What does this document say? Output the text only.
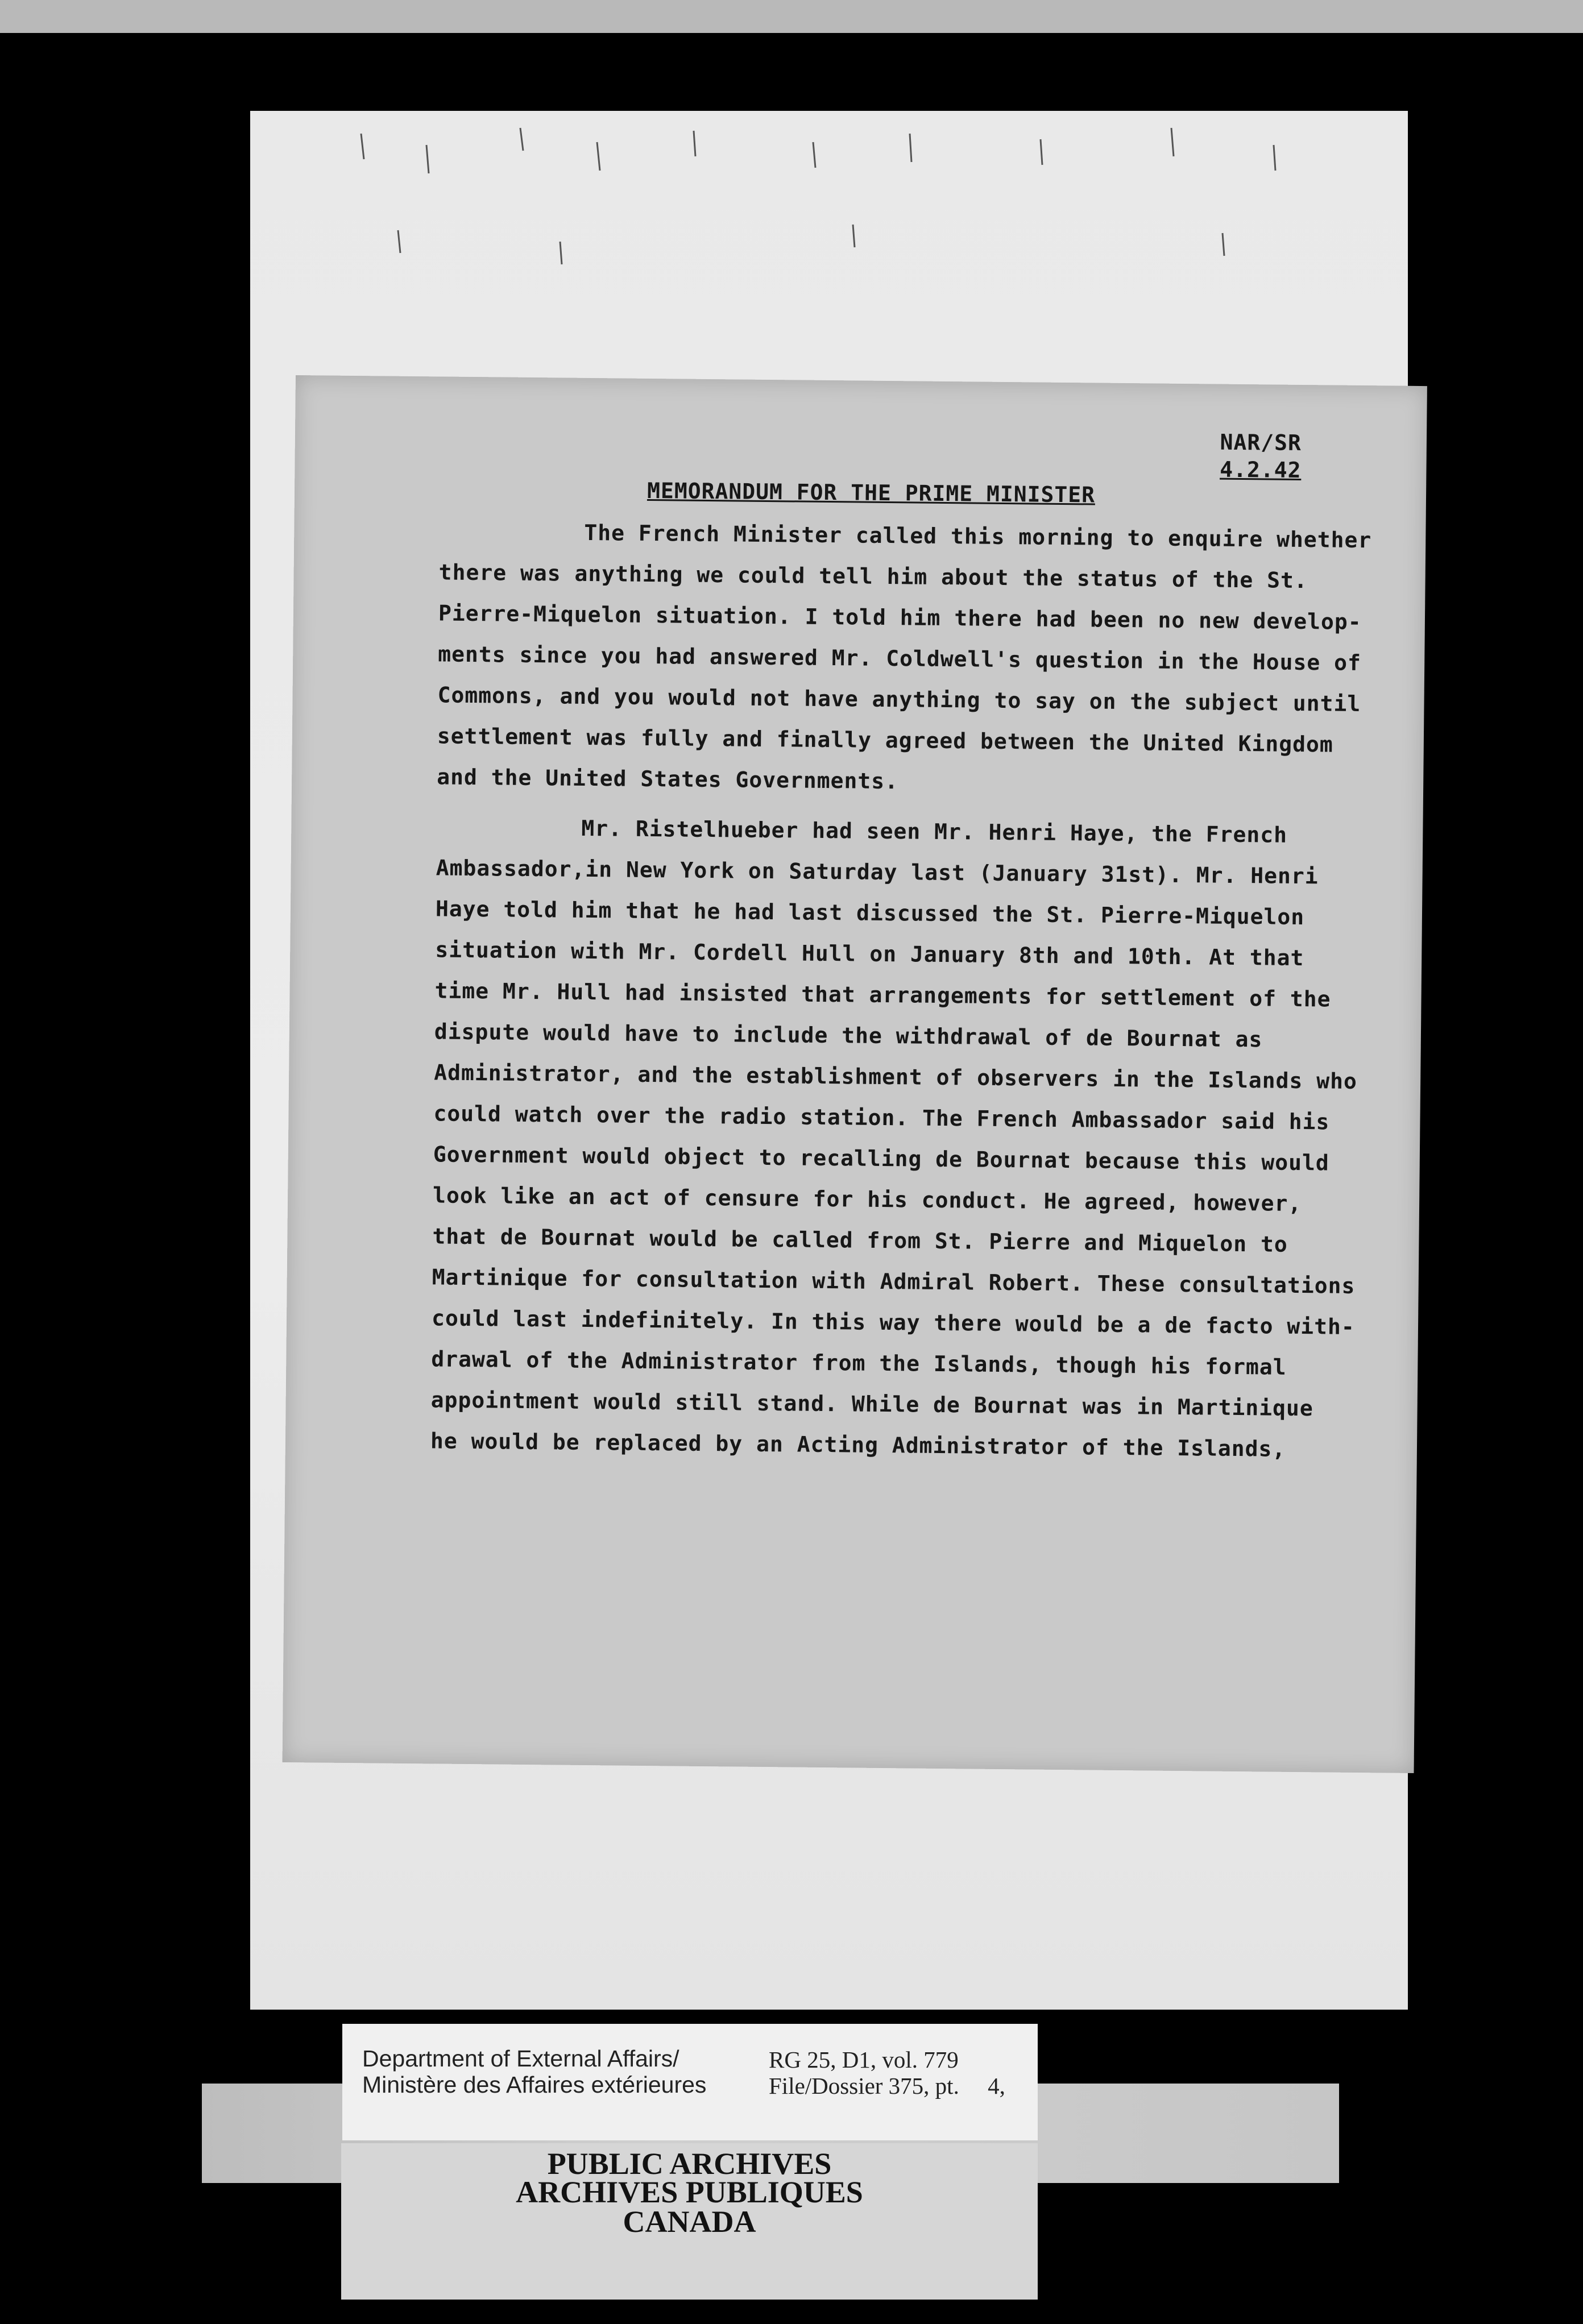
NAR/SR
4.2.42
MEMORANDUM FOR THE PRIME MINISTER
The French Minister called this morning to enquire whether
there was anything we could tell him about the status of the St.
Pierre-Miquelon situation. I told him there had been no new develop-
ments since you had answered Mr. Coldwell's question in the House of
Commons, and you would not have anything to say on the subject until
settlement was fully and finally agreed between the United Kingdom
and the United States Governments.
Mr. Ristelhueber had seen Mr. Henri Haye, the French
Ambassador,in New York on Saturday last (January 31st). Mr. Henri
Haye told him that he had last discussed the St. Pierre-Miquelon
situation with Mr. Cordell Hull on January 8th and 10th. At that
time Mr. Hull had insisted that arrangements for settlement of the
dispute would have to include the withdrawal of de Bournat as
Administrator, and the establishment of observers in the Islands who
could watch over the radio station. The French Ambassador said his
Government would object to recalling de Bournat because this would
look like an act of censure for his conduct. He agreed, however,
that de Bournat would be called from St. Pierre and Miquelon to
Martinique for consultation with Admiral Robert. These consultations
could last indefinitely. In this way there would be a de facto with-
drawal of the Administrator from the Islands, though his formal
appointment would still stand. While de Bournat was in Martinique
he would be replaced by an Acting Administrator of the Islands,
Department of External Affairs/
Ministère des Affaires extérieures
RG 25, D1, vol. 779
File/Dossier 375, pt. 4,
PUBLIC ARCHIVES
ARCHIVES PUBLIQUES
CANADA
